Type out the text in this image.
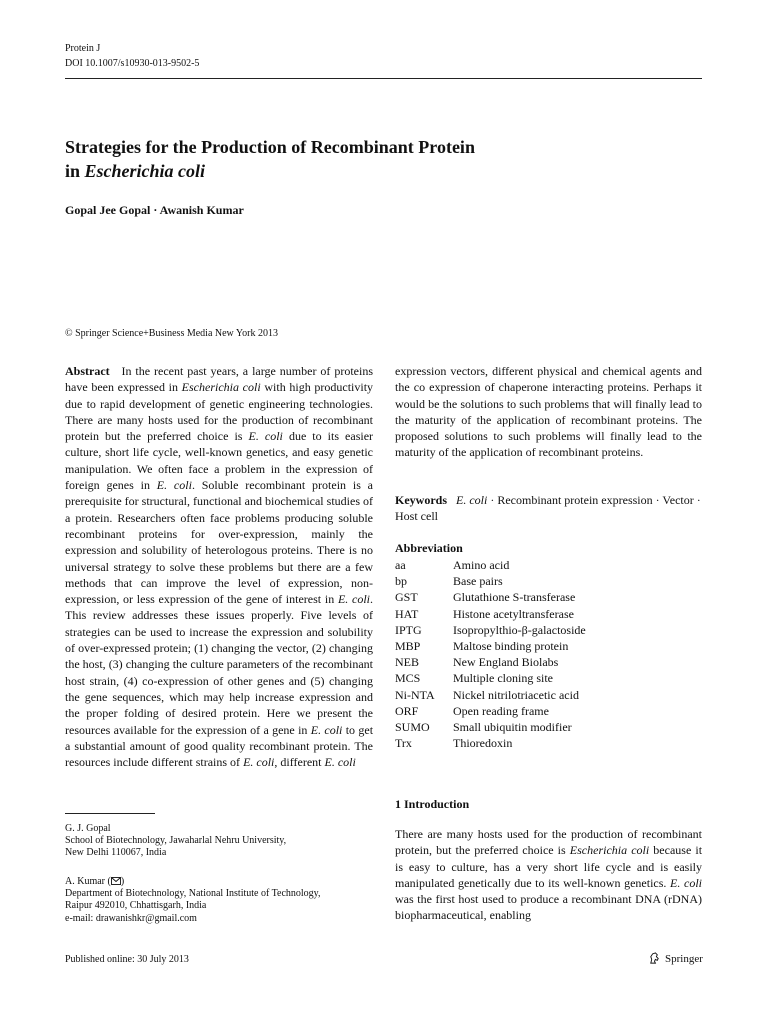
Protein J
DOI 10.1007/s10930-013-9502-5
Strategies for the Production of Recombinant Protein
in Escherichia coli
Gopal Jee Gopal · Awanish Kumar
© Springer Science+Business Media New York 2013
Abstract In the recent past years, a large number of proteins have been expressed in Escherichia coli with high productivity due to rapid development of genetic engineering technologies. There are many hosts used for the production of recombinant protein but the preferred choice is E. coli due to its easier culture, short life cycle, well-known genetics, and easy genetic manipulation. We often face a problem in the expression of foreign genes in E. coli. Soluble recombinant protein is a prerequisite for structural, functional and biochemical studies of a protein. Researchers often face problems producing soluble recombinant proteins for over-expression, mainly the expression and solubility of heterologous proteins. There is no universal strategy to solve these problems but there are a few methods that can improve the level of expression, non-expression, or less expression of the gene of interest in E. coli. This review addresses these issues properly. Five levels of strategies can be used to increase the expression and solubility of over-expressed protein; (1) changing the vector, (2) changing the host, (3) changing the culture parameters of the recombinant host strain, (4) co-expression of other genes and (5) changing the gene sequences, which may help increase expression and the proper folding of desired protein. Here we present the resources available for the expression of a gene in E. coli to get a substantial amount of good quality recombinant protein. The resources include different strains of E. coli, different E. coli
expression vectors, different physical and chemical agents and the co expression of chaperone interacting proteins. Perhaps it would be the solutions to such problems that will finally lead to the maturity of the application of recombinant proteins. The proposed solutions to such problems will finally lead to the maturity of the application of recombinant proteins.
Keywords E. coli · Recombinant protein expression · Vector · Host cell
Abbreviation
aa	Amino acid
bp	Base pairs
GST	Glutathione S-transferase
HAT	Histone acetyltransferase
IPTG	Isopropylthio-β-galactoside
MBP	Maltose binding protein
NEB	New England Biolabs
MCS	Multiple cloning site
Ni-NTA	Nickel nitrilotriacetic acid
ORF	Open reading frame
SUMO	Small ubiquitin modifier
Trx	Thioredoxin
1 Introduction
There are many hosts used for the production of recombinant protein, but the preferred choice is Escherichia coli because it is easy to culture, has a very short life cycle and is easily manipulated genetically due to its well-known genetics. E. coli was the first host used to produce a recombinant DNA (rDNA) biopharmaceutical, enabling
G. J. Gopal
School of Biotechnology, Jawaharlal Nehru University,
New Delhi 110067, India
A. Kumar ( )
Department of Biotechnology, National Institute of Technology,
Raipur 492010, Chhattisgarh, India
e-mail: drawanishkr@gmail.com
Published online: 30 July 2013	Springer
